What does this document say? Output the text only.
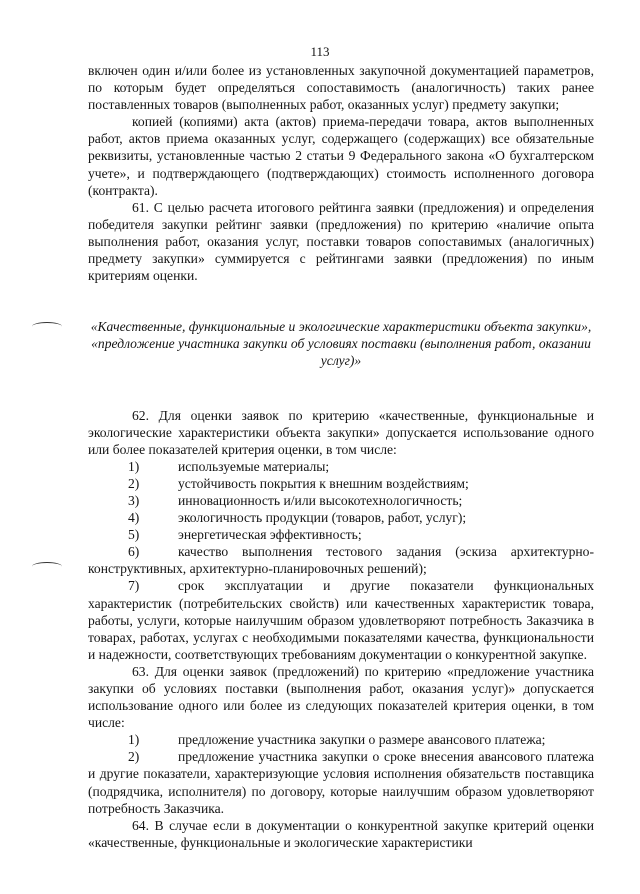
113

включен один и/или более из установленных закупочной документацией параметров, по которым будет определяться сопоставимость (аналогичность) таких ранее поставленных товаров (выполненных работ, оказанных услуг) предмету закупки;

копией (копиями) акта (актов) приема-передачи товара, актов выполненных работ, актов приема оказанных услуг, содержащего (содержащих) все обязательные реквизиты, установленные частью 2 статьи 9 Федерального закона «О бухгалтерском учете», и подтверждающего (подтверждающих) стоимость исполненного договора (контракта).

61. С целью расчета итогового рейтинга заявки (предложения) и определения победителя закупки рейтинг заявки (предложения) по критерию «наличие опыта выполнения работ, оказания услуг, поставки товаров сопоставимых (аналогичных) предмету закупки» суммируется с рейтингами заявки (предложения) по иным критериям оценки.

«Качественные, функциональные и экологические характеристики объекта закупки», «предложение участника закупки об условиях поставки (выполнения работ, оказании услуг)»

62. Для оценки заявок по критерию «качественные, функциональные и экологические характеристики объекта закупки» допускается использование одного или более показателей критерия оценки, в том числе:

1)	используемые материалы;
2)	устойчивость покрытия к внешним воздействиям;
3)	инновационность и/или высокотехнологичность;
4)	экологичность продукции (товаров, работ, услуг);
5)	энергетическая эффективность;
6)	качество выполнения тестового задания (эскиза архитектурно-конструктивных, архитектурно-планировочных решений);
7)	срок эксплуатации и другие показатели функциональных характеристик (потребительских свойств) или качественных характеристик товара, работы, услуги, которые наилучшим образом удовлетворяют потребность Заказчика в товарах, работах, услугах с необходимыми показателями качества, функциональности и надежности, соответствующих требованиям документации о конкурентной закупке.

63. Для оценки заявок (предложений) по критерию «предложение участника закупки об условиях поставки (выполнения работ, оказания услуг)» допускается использование одного или более из следующих показателей критерия оценки, в том числе:

1)	предложение участника закупки о размере авансового платежа;
2)	предложение участника закупки о сроке внесения авансового платежа и другие показатели, характеризующие условия исполнения обязательств поставщика (подрядчика, исполнителя) по договору, которые наилучшим образом удовлетворяют потребность Заказчика.

64. В случае если в документации о конкурентной закупке критерий оценки «качественные, функциональные и экологические характеристики
